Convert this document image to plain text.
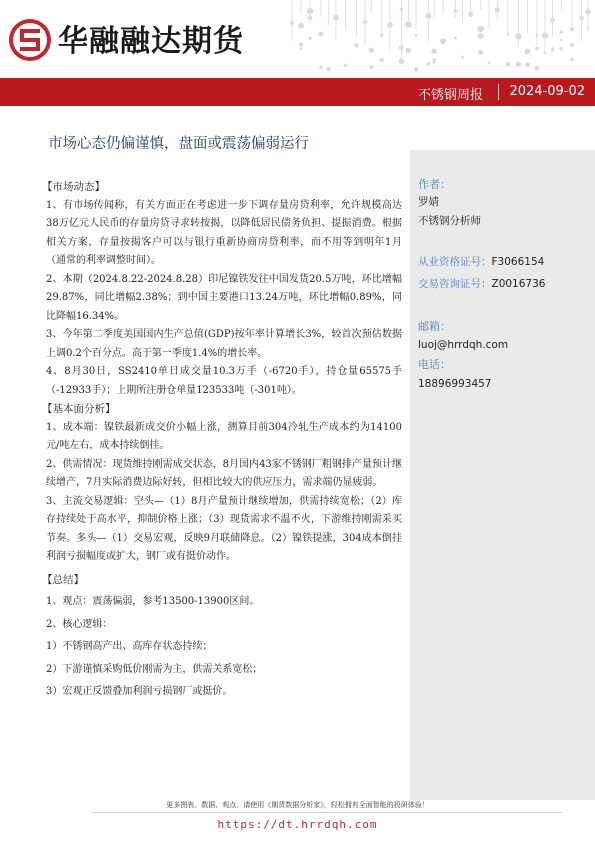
华融融达期货
不锈钢周报 2024-09-02
市场心态仍偏谨慎，盘面或震荡偏弱运行
作者：
罗婧
不锈钢分析师
从业资格证号：F3066154
交易咨询证号：Z0016736
邮箱：
luoj@hrrdqh.com
电话：
18896993457
【市场动态】

1、有市场传闻称，有关方面正在考虑进一步下调存量房贷利率，允许规模高达38万亿元人民币的存量房贷寻求转按揭，以降低居民债务负担、提振消费。根据相关方案，存量按揭客户可以与银行重新协商房贷利率，而不用等到明年1月（通常的利率调整时间）。

2、本期（2024.8.22-2024.8.28）印尼镍铁发往中国发货20.5万吨，环比增幅29.87%，同比增幅2.38%；到中国主要港口13.24万吨，环比增幅0.89%，同比降幅16.34%。

3、今年第二季度美国国内生产总值(GDP)按年率计算增长3%，较首次预估数据上调0.2个百分点。高于第一季度1.4%的增长率。

4、8月30日，SS2410单日成交量10.3万手（-6720手），持仓量65575手（-12933手）；上期所注册仓单量123533吨（-301吨）。

【基本面分析】

1、成本端：镍铁最新成交价小幅上涨，测算目前304冷轧生产成本约为14100元/吨左右，成本持续倒挂。

2、供需情况：现货维持刚需成交状态，8月国内43家不锈钢厂粗钢排产量预计继续增产，7月实际消费边际好转，但相比较大的供应压力，需求端仍显疲弱。

3、主流交易逻辑：空头—（1）8月产量预计继续增加，供需持续宽松；（2）库存持续处于高水平，抑制价格上涨；（3）现货需求不温不火，下游维持刚需采买节奏。多头—（1）交易宏观，反映9月联储降息。（2）镍铁提涨，304成本倒挂利润亏损幅度或扩大，钢厂或有挺价动作。

【总结】

1、观点：震荡偏弱，参考13500-13900区间。

2、核心逻辑：

1）不锈钢高产出、高库存状态持续；

2）下游谨慎采购低价刚需为主，供需关系宽松；

3）宏观正反馈叠加利润亏损钢厂或挺价。

更多图表、数据、观点、请使用《期货数据分析家》，轻松拥有全面智能的投研体验！
https://dt.hrrdqh.com
